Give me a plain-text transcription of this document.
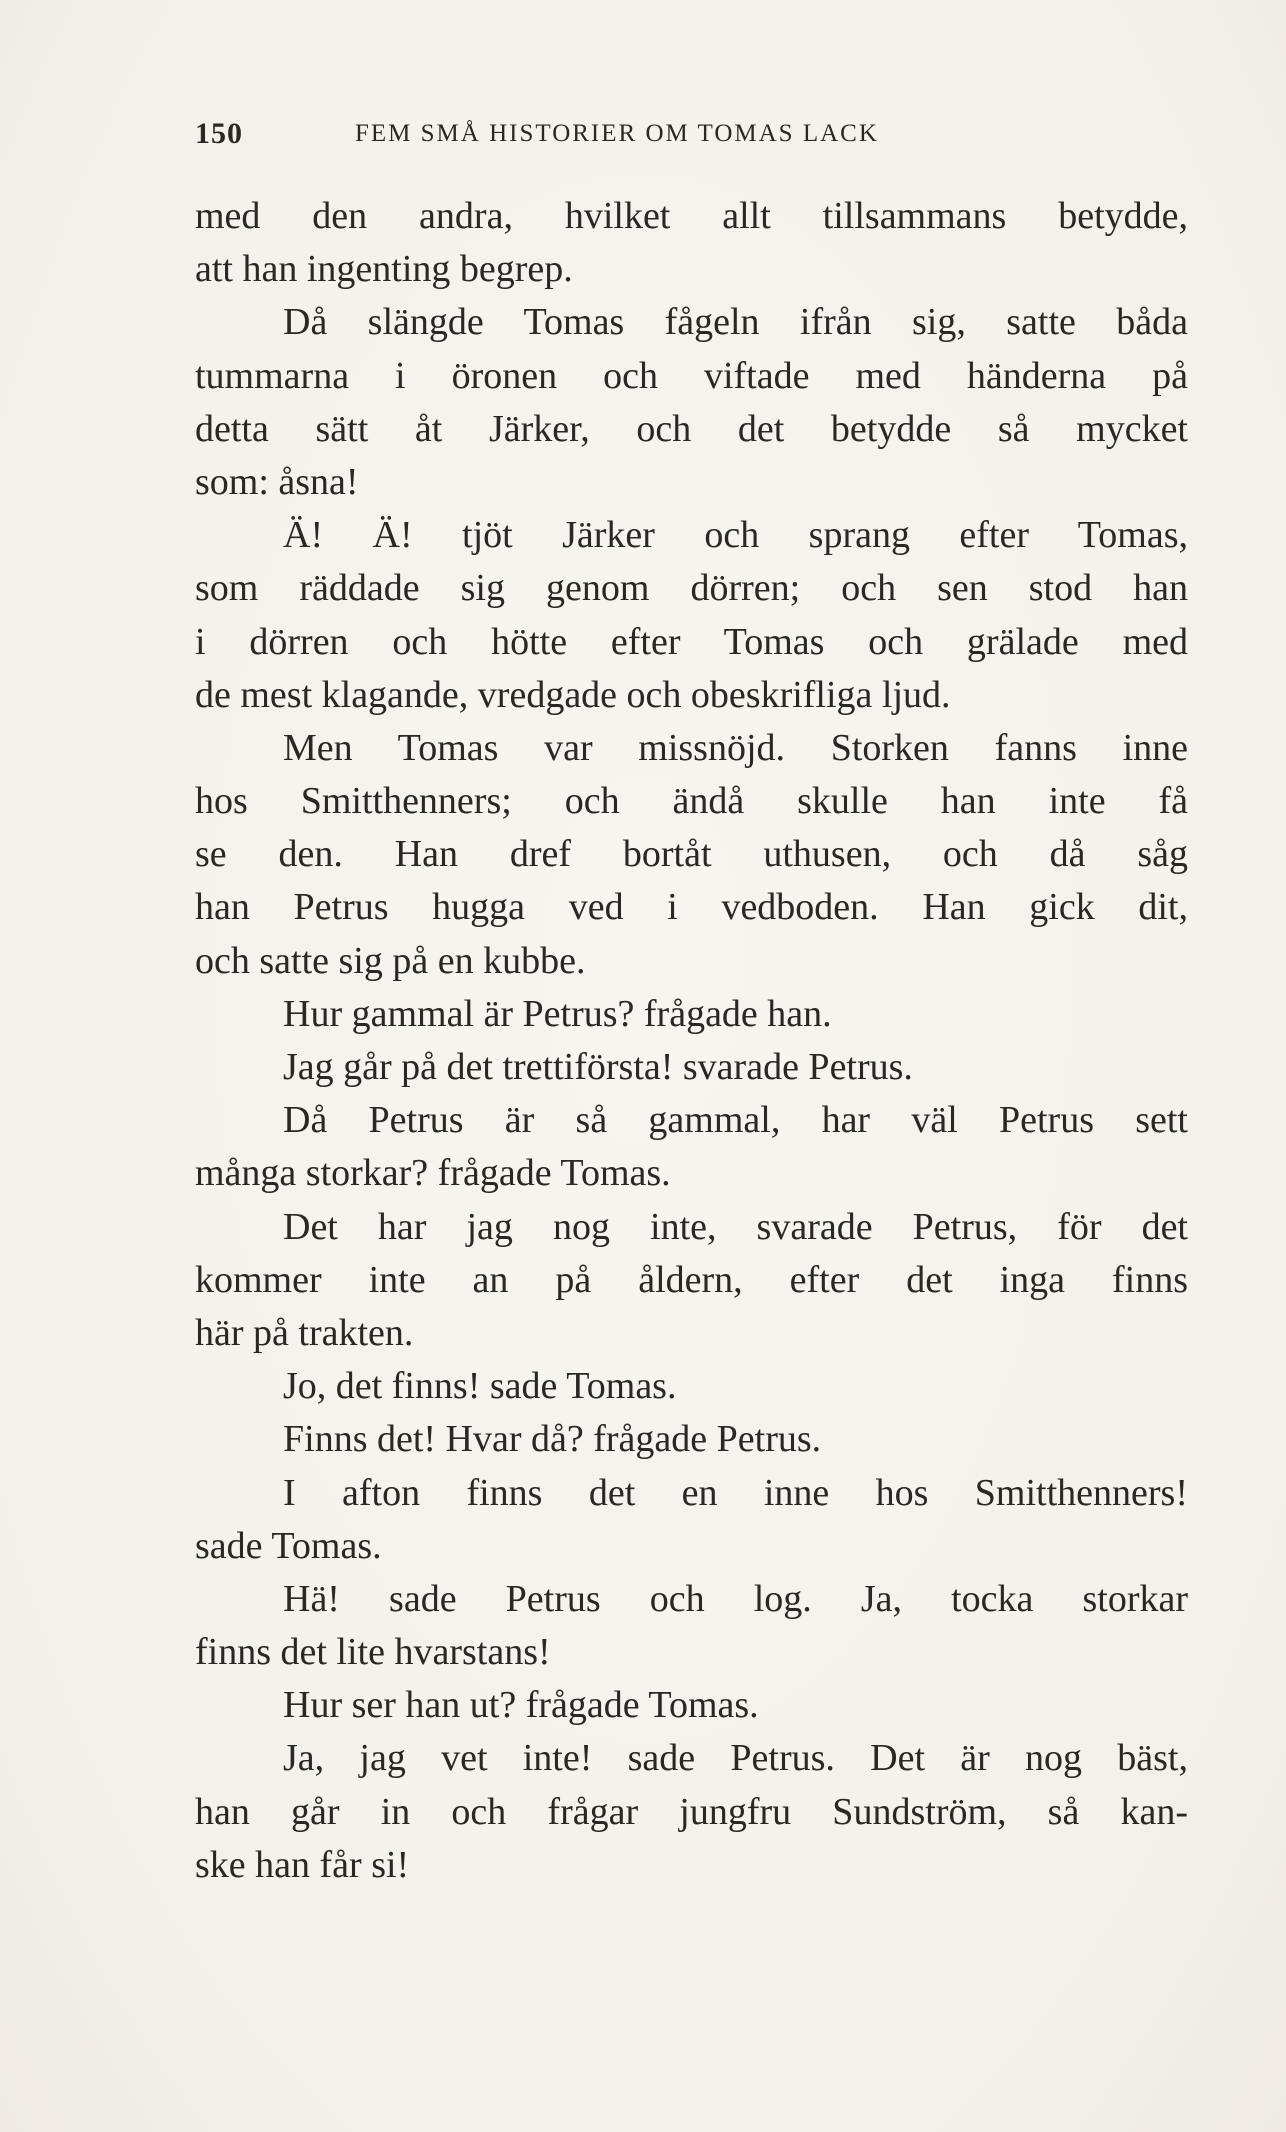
150	FEM SMÅ HISTORIER OM TOMAS LACK
med den andra, hvilket allt tillsammans betydde,
att han ingenting begrep.
Då slängde Tomas fågeln ifrån sig, satte båda
tummarna i öronen och viftade med händerna på
detta sätt åt Järker, och det betydde så mycket
som: åsna!
Ä! Ä! tjöt Järker och sprang efter Tomas,
som räddade sig genom dörren; och sen stod han
i dörren och hötte efter Tomas och grälade med
de mest klagande, vredgade och obeskrifliga ljud.
Men Tomas var missnöjd. Storken fanns inne
hos Smitthenners; och ändå skulle han inte få
se den. Han dref bortåt uthusen, och då såg
han Petrus hugga ved i vedboden. Han gick dit,
och satte sig på en kubbe.
Hur gammal är Petrus? frågade han.
Jag går på det trettiförsta! svarade Petrus.
Då Petrus är så gammal, har väl Petrus sett
många storkar? frågade Tomas.
Det har jag nog inte, svarade Petrus, för det
kommer inte an på åldern, efter det inga finns
här på trakten.
Jo, det finns! sade Tomas.
Finns det! Hvar då? frågade Petrus.
I afton finns det en inne hos Smitthenners!
sade Tomas.
Hä! sade Petrus och log. Ja, tocka storkar
finns det lite hvarstans!
Hur ser han ut? frågade Tomas.
Ja, jag vet inte! sade Petrus. Det är nog bäst,
han går in och frågar jungfru Sundström, så kan-
ske han får si!
